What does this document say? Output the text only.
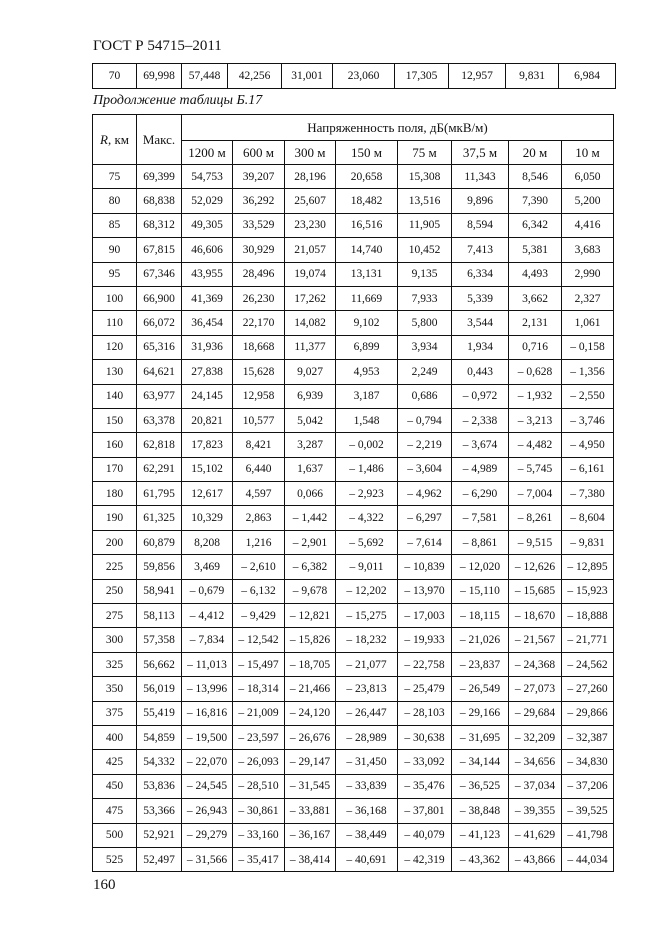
ГОСТ Р 54715–2011
70	69,998	57,448	42,256	31,001	23,060	17,305	12,957	9,831	6,984
Продолжение таблицы Б.17
R, км	Макс.	Напряженность поля, дБ(мкВ/м)							
		1200 м	600 м	300 м	150 м	75 м	37,5 м	20 м	10 м
75	69,399	54,753	39,207	28,196	20,658	15,308	11,343	8,546	6,050
80	68,838	52,029	36,292	25,607	18,482	13,516	9,896	7,390	5,200
85	68,312	49,305	33,529	23,230	16,516	11,905	8,594	6,342	4,416
90	67,815	46,606	30,929	21,057	14,740	10,452	7,413	5,381	3,683
95	67,346	43,955	28,496	19,074	13,131	9,135	6,334	4,493	2,990
100	66,900	41,369	26,230	17,262	11,669	7,933	5,339	3,662	2,327
110	66,072	36,454	22,170	14,082	9,102	5,800	3,544	2,131	1,061
120	65,316	31,936	18,668	11,377	6,899	3,934	1,934	0,716	– 0,158
130	64,621	27,838	15,628	9,027	4,953	2,249	0,443	– 0,628	– 1,356
140	63,977	24,145	12,958	6,939	3,187	0,686	– 0,972	– 1,932	– 2,550
150	63,378	20,821	10,577	5,042	1,548	– 0,794	– 2,338	– 3,213	– 3,746
160	62,818	17,823	8,421	3,287	– 0,002	– 2,219	– 3,674	– 4,482	– 4,950
170	62,291	15,102	6,440	1,637	– 1,486	– 3,604	– 4,989	– 5,745	– 6,161
180	61,795	12,617	4,597	0,066	– 2,923	– 4,962	– 6,290	– 7,004	– 7,380
190	61,325	10,329	2,863	– 1,442	– 4,322	– 6,297	– 7,581	– 8,261	– 8,604
200	60,879	8,208	1,216	– 2,901	– 5,692	– 7,614	– 8,861	– 9,515	– 9,831
225	59,856	3,469	– 2,610	– 6,382	– 9,011	– 10,839	– 12,020	– 12,626	– 12,895
250	58,941	– 0,679	– 6,132	– 9,678	– 12,202	– 13,970	– 15,110	– 15,685	– 15,923
275	58,113	– 4,412	– 9,429	– 12,821	– 15,275	– 17,003	– 18,115	– 18,670	– 18,888
300	57,358	– 7,834	– 12,542	– 15,826	– 18,232	– 19,933	– 21,026	– 21,567	– 21,771
325	56,662	– 11,013	– 15,497	– 18,705	– 21,077	– 22,758	– 23,837	– 24,368	– 24,562
350	56,019	– 13,996	– 18,314	– 21,466	– 23,813	– 25,479	– 26,549	– 27,073	– 27,260
375	55,419	– 16,816	– 21,009	– 24,120	– 26,447	– 28,103	– 29,166	– 29,684	– 29,866
400	54,859	– 19,500	– 23,597	– 26,676	– 28,989	– 30,638	– 31,695	– 32,209	– 32,387
425	54,332	– 22,070	– 26,093	– 29,147	– 31,450	– 33,092	– 34,144	– 34,656	– 34,830
450	53,836	– 24,545	– 28,510	– 31,545	– 33,839	– 35,476	– 36,525	– 37,034	– 37,206
475	53,366	– 26,943	– 30,861	– 33,881	– 36,168	– 37,801	– 38,848	– 39,355	– 39,525
500	52,921	– 29,279	– 33,160	– 36,167	– 38,449	– 40,079	– 41,123	– 41,629	– 41,798
525	52,497	– 31,566	– 35,417	– 38,414	– 40,691	– 42,319	– 43,362	– 43,866	– 44,034
160
